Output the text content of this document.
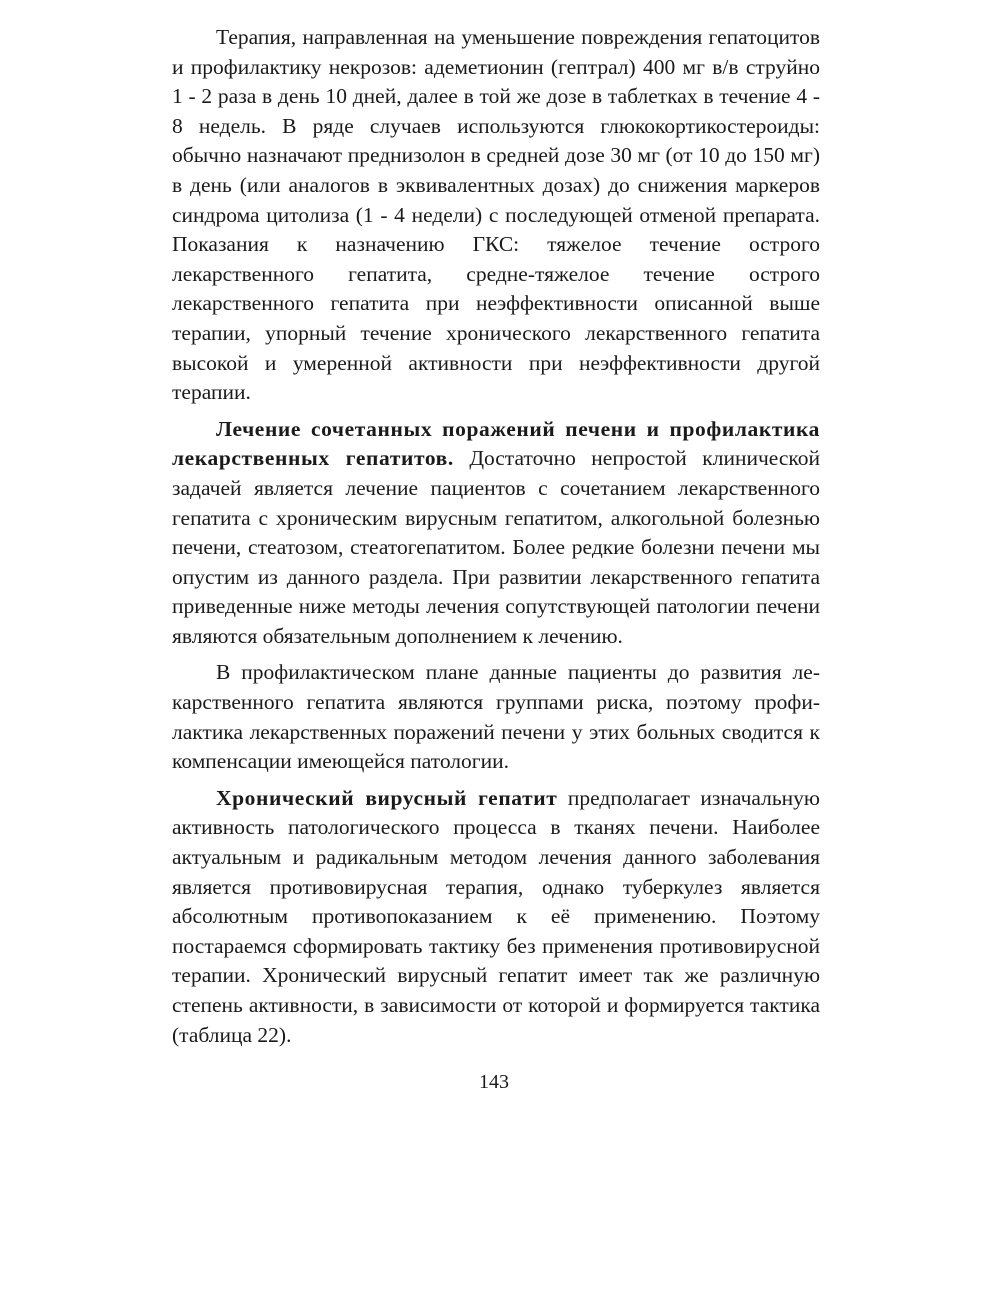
Терапия, направленная на уменьшение повреждения гепатоцитов и профилактику некрозов: адеметионин (гептрал) 400 мг в/в струйно 1 - 2 раза в день 10 дней, далее в той же дозе в таблетках в течение 4 - 8 недель. В ряде случаев используются глюкокортикостероиды: обычно назначают преднизолон в средней дозе 30 мг (от 10 до 150 мг) в день (или аналогов в эквивалентных дозах) до снижения маркеров синдрома цитолиза (1 - 4 недели) с последующей отменой препарата. Показания к назначению ГКС: тяжелое течение острого лекарственного гепатита, средне-тяжелое течение острого лекарственного гепатита при неэффективности описанной выше терапии, упорный течение хронического лекарственного гепатита высокой и умеренной активности при неэффективности другой терапии.

Лечение сочетанных поражений печени и профилактика лекарственных гепатитов. Достаточно непростой клинической задачей является лечение пациентов с сочетанием лекарственного гепатита с хроническим вирусным гепатитом, алкогольной болезнью печени, стеатозом, стеатогепатитом. Более редкие болезни печени мы опустим из данного раздела. При развитии лекарственного гепатита приведенные ниже методы лечения сопутствующей патологии печени являются обязательным дополнением к лечению.

В профилактическом плане данные пациенты до развития лекарственного гепатита являются группами риска, поэтому профилактика лекарственных поражений печени у этих больных сводится к компенсации имеющейся патологии.

Хронический вирусный гепатит предполагает изначальную активность патологического процесса в тканях печени. Наиболее актуальным и радикальным методом лечения данного заболевания является противовирусная терапия, однако туберкулез является абсолютным противопоказанием к её применению. Поэтому постараемся сформировать тактику без применения противовирусной терапии. Хронический вирусный гепатит имеет так же различную степень активности, в зависимости от которой и формируется тактика (таблица 22).

143
